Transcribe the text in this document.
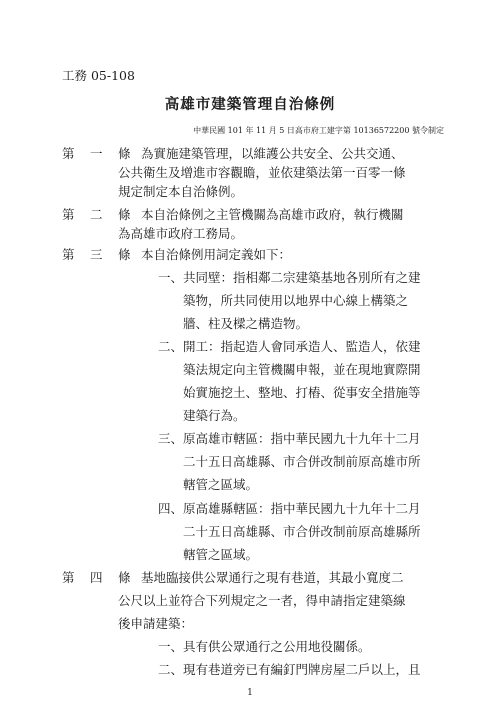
工務 05-108
高雄市建築管理自治條例
中華民國 101 年 11 月 5 日高市府工建字第 10136572200 號令制定
第 一 條 為實施建築管理，以維護公共安全、公共交通、
公共衛生及增進市容觀瞻，並依建築法第一百零一條
規定制定本自治條例。
第 二 條 本自治條例之主管機關為高雄市政府，執行機關
為高雄市政府工務局。
第 三 條 本自治條例用詞定義如下：
一、共同壁：指相鄰二宗建築基地各別所有之建
築物，所共同使用以地界中心線上構築之
牆、柱及樑之構造物。
二、開工：指起造人會同承造人、監造人，依建
築法規定向主管機關申報，並在現地實際開
始實施挖土、整地、打樁、從事安全措施等
建築行為。
三、原高雄市轄區：指中華民國九十九年十二月
二十五日高雄縣、市合併改制前原高雄市所
轄管之區域。
四、原高雄縣轄區：指中華民國九十九年十二月
二十五日高雄縣、市合併改制前原高雄縣所
轄管之區域。
第 四 條 基地臨接供公眾通行之現有巷道，其最小寬度二
公尺以上並符合下列規定之一者，得申請指定建築線
後申請建築：
一、具有供公眾通行之公用地役關係。
二、現有巷道旁已有編釘門牌房屋二戶以上，且
1
